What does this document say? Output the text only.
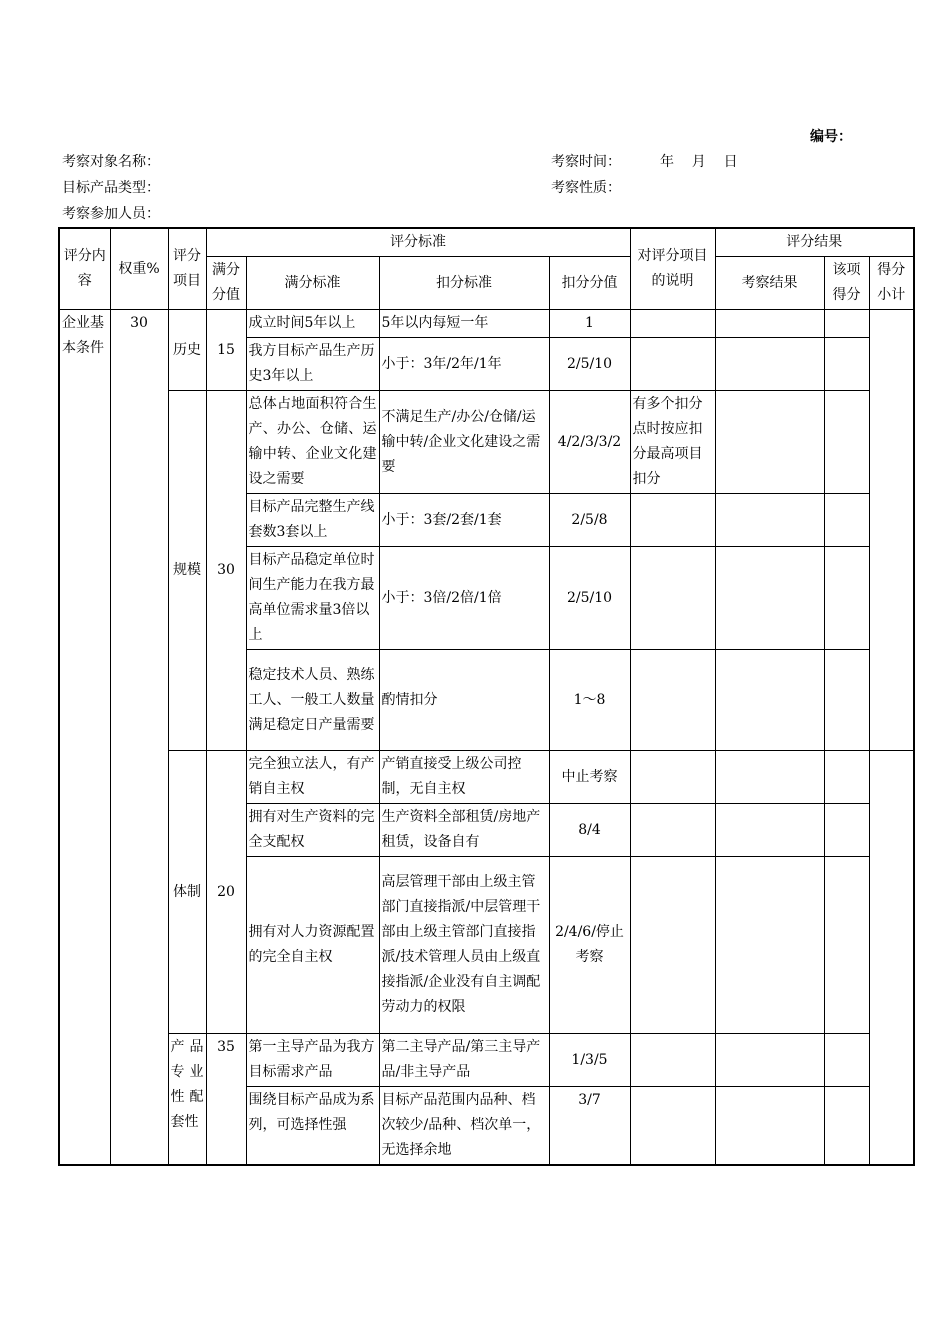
编号：
考察对象名称：	考察时间：	年    月    日
目标产品类型：	考察性质：
考察参加人员：
评分内容	权重%	评分项目	评分标准				对评分项目的说明	评分结果		
			满分分值	满分标准	扣分标准	扣分分值		考察结果	该项得分	得分小计
企业基本条件	30	历史	15	成立时间5年以上	5年以内每短一年	1				
				我方目标产品生产历史3年以上	小于：3年/2年/1年	2/5/10				
		规模	30	总体占地面积符合生产、办公、仓储、运输中转、企业文化建设之需要	不满足生产/办公/仓储/运输中转/企业文化建设之需要	4/2/3/3/2	有多个扣分点时按应扣分最高项目扣分			
				目标产品完整生产线套数3套以上	小于：3套/2套/1套	2/5/8				
				目标产品稳定单位时间生产能力在我方最高单位需求量3倍以上	小于：3倍/2倍/1倍	2/5/10				
				稳定技术人员、熟练工人、一般工人数量满足稳定日产量需要	酌情扣分	1～8				
		体制	20	完全独立法人，有产销自主权	产销直接受上级公司控制，无自主权	中止考察				
				拥有对生产资料的完全支配权	生产资料全部租赁/房地产租赁，设备自有	8/4				
				拥有对人力资源配置的完全自主权	高层管理干部由上级主管部门直接指派/中层管理干部由上级主管部门直接指派/技术管理人员由上级直接指派/企业没有自主调配劳动力的权限	2/4/6/停止考察				
		产品专业性配套性	35	第一主导产品为我方目标需求产品	第二主导产品/第三主导产品/非主导产品	1/3/5				
				围绕目标产品成为系列，可选择性强	目标产品范围内品种、档次较少/品种、档次单一，无选择余地	3/7				
